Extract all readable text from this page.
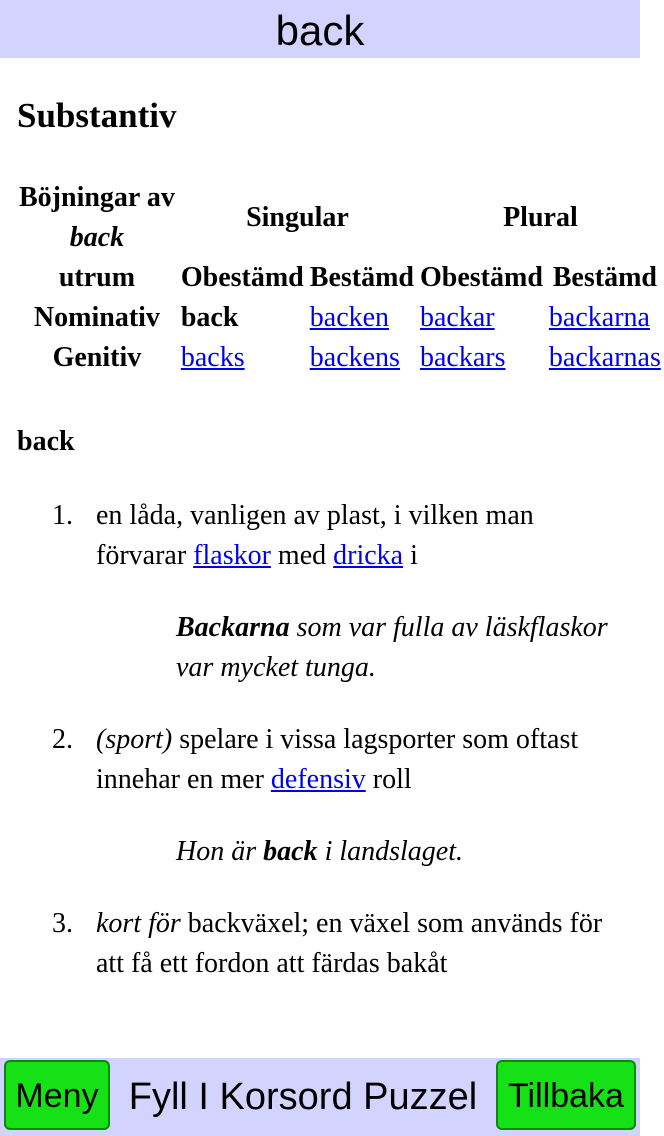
back
Substantiv
Böjningar av
back	Singular		Plural	
utrum	Obestämd	Bestämd	Obestämd	Bestämd
Nominativ	back	backen	backar	backarna
Genitiv	backs	backens	backars	backarnas
back
1. en låda, vanligen av plast, i vilken man förvarar flaskor med dricka i
Backarna som var fulla av läskflaskor var mycket tunga.
2. (sport) spelare i vissa lagsporter som oftast innehar en mer defensiv roll
Hon är back i landslaget.
3. kort för backväxel; en växel som används för att få ett fordon att färdas bakåt
Meny Fyll I Korsord Puzzel Tillbaka
